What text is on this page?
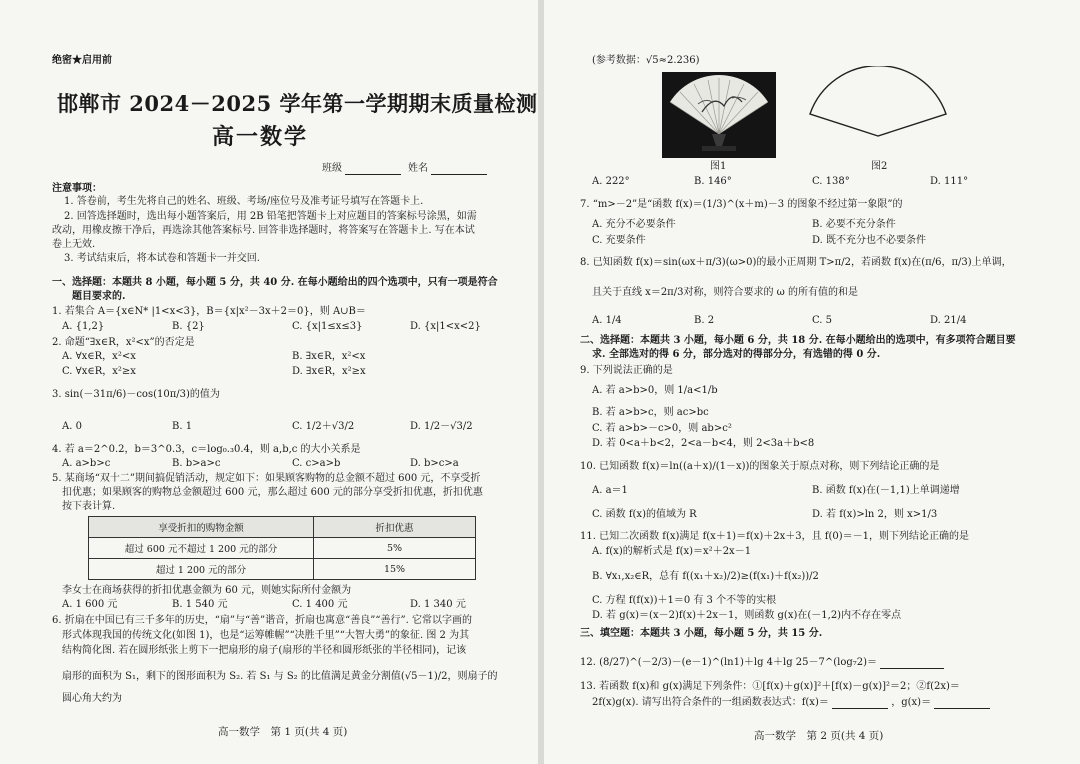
绝密★启用前
邯郸市 2024－2025 学年第一学期期末质量检测
高一数学
班级	姓名
注意事项：
1. 答卷前，考生先将自己的姓名、班级、考场/座位号及准考证号填写在答题卡上.
2. 回答选择题时，选出每小题答案后，用 2B 铅笔把答题卡上对应题目的答案标号涂黑，如需
改动，用橡皮擦干净后，再选涂其他答案标号. 回答非选择题时，将答案写在答题卡上. 写在本试
卷上无效.
3. 考试结束后，将本试卷和答题卡一并交回.
一、选择题：本题共 8 小题，每小题 5 分，共 40 分. 在每小题给出的四个选项中，只有一项是符合
题目要求的.
1. 若集合 A＝{x∈N* |1<x<3}，B＝{x|x²－3x＋2＝0}，则 A∪B＝
A. {1,2}	B. {2}	C. {x|1≤x≤3}	D. {x|1<x<2}
2. 命题“∃x∈R，x²<x”的否定是
A. ∀x∈R，x²<x	B. ∃x∈R，x²<x
C. ∀x∈R，x²≥x	D. ∃x∈R，x²≥x
3. sin(－31π/6)－cos(10π/3)的值为
A. 0	B. 1	C. 1/2＋√3/2	D. 1/2－√3/2
4. 若 a＝2^0.2，b＝3^0.3，c＝log₀.₃0.4，则 a,b,c 的大小关系是
A. a>b>c	B. b>a>c	C. c>a>b	D. b>c>a
5. 某商场“双十二”期间搞促销活动，规定如下：如果顾客购物的总金额不超过 600 元，不享受折
扣优惠；如果顾客的购物总金额超过 600 元，那么超过 600 元的部分享受折扣优惠，折扣优惠
按下表计算.
享受折扣的购物金额	折扣优惠
超过 600 元不超过 1 200 元的部分	5%
超过 1 200 元的部分	15%
李女士在商场获得的折扣优惠金额为 60 元，则她实际所付金额为
A. 1 600 元	B. 1 540 元	C. 1 400 元	D. 1 340 元
6. 折扇在中国已有三千多年的历史，“扇”与“善”谐音，折扇也寓意“善良”“善行”. 它常以字画的
形式体现我国的传统文化(如图 1)，也是“运筹帷幄”“决胜千里”“大智大勇”的象征. 图 2 为其
结构简化图. 若在圆形纸张上剪下一把扇形的扇子(扇形的半径和圆形纸张的半径相同)，记该
扇形的面积为 S₁，剩下的图形面积为 S₂. 若 S₁ 与 S₂ 的比值满足黄金分割值(√5－1)/2，则扇子的
圆心角大约为
高一数学　第 1 页(共 4 页)
(参考数据：√5≈2.236)
图1	图2
A. 222°	B. 146°	C. 138°	D. 111°
7. “m>－2”是“函数 f(x)＝(1/3)^(x＋m)－3 的图象不经过第一象限”的
A. 充分不必要条件	B. 必要不充分条件
C. 充要条件	D. 既不充分也不必要条件
8. 已知函数 f(x)＝sin(ωx＋π/3)(ω>0)的最小正周期 T>π/2，若函数 f(x)在(π/6，π/3)上单调，
且关于直线 x＝2π/3对称，则符合要求的 ω 的所有值的和是
A. 1/4	B. 2	C. 5	D. 21/4
二、选择题：本题共 3 小题，每小题 6 分，共 18 分. 在每小题给出的选项中，有多项符合题目要
求. 全部选对的得 6 分，部分选对的得部分分，有选错的得 0 分.
9. 下列说法正确的是
A. 若 a>b>0，则 1/a<1/b
B. 若 a>b>c，则 ac>bc
C. 若 a>b>－c>0，则 ab>c²
D. 若 0<a＋b<2，2<a－b<4，则 2<3a＋b<8
10. 已知函数 f(x)＝ln((a＋x)/(1－x))的图象关于原点对称，则下列结论正确的是
A. a＝1	B. 函数 f(x)在(－1,1)上单调递增
C. 函数 f(x)的值域为 R	D. 若 f(x)>ln 2，则 x>1/3
11. 已知二次函数 f(x)满足 f(x＋1)＝f(x)＋2x＋3，且 f(0)＝－1，则下列结论正确的是
A. f(x)的解析式是 f(x)＝x²＋2x－1
B. ∀x₁,x₂∈R，总有 f((x₁＋x₂)/2)≥(f(x₁)＋f(x₂))/2
C. 方程 f(f(x))＋1＝0 有 3 个不等的实根
D. 若 g(x)＝(x－2)f(x)＋2x－1，则函数 g(x)在(－1,2)内不存在零点
三、填空题：本题共 3 小题，每小题 5 分，共 15 分.
12. (8/27)^(－2/3)－(e－1)^(ln1)＋lg 4＋lg 25－7^(log₇2)＝
13. 若函数 f(x)和 g(x)满足下列条件：①[f(x)＋g(x)]²＋[f(x)－g(x)]²＝2；②f(2x)＝
2f(x)g(x). 请写出符合条件的一组函数表达式：f(x)＝	，g(x)＝
高一数学　第 2 页(共 4 页)
